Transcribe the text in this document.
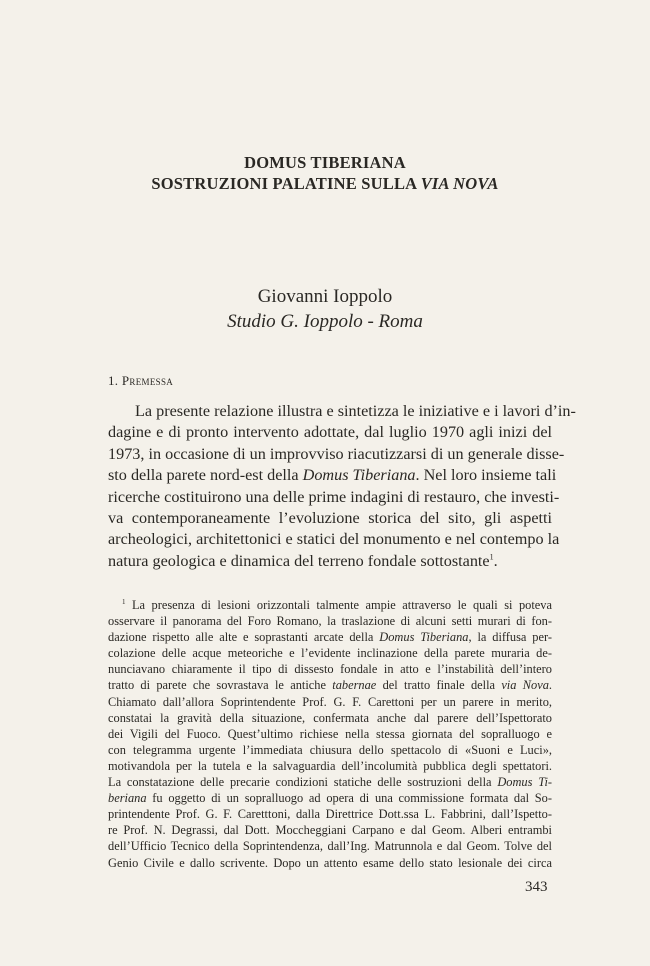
DOMUS TIBERIANA
SOSTRUZIONI PALATINE SULLA VIA NOVA
Giovanni Ioppolo
Studio G. Ioppolo - Roma
1. Premessa
La presente relazione illustra e sintetizza le iniziative e i lavori d’in-
dagine e di pronto intervento adottate, dal luglio 1970 agli inizi del
1973, in occasione di un improvviso riacutizzarsi di un generale disse-
sto della parete nord-est della Domus Tiberiana. Nel loro insieme tali
ricerche costituirono una delle prime indagini di restauro, che investi-
va contemporaneamente l’evoluzione storica del sito, gli aspetti
archeologici, architettonici e statici del monumento e nel contempo la
natura geologica e dinamica del terreno fondale sottostante$^1$.
$^1$ La presenza di lesioni orizzontali talmente ampie attraverso le quali si poteva
osservare il panorama del Foro Romano, la traslazione di alcuni setti murari di fon-
dazione rispetto alle alte e soprastanti arcate della Domus Tiberiana, la diffusa per-
colazione delle acque meteoriche e l’evidente inclinazione della parete muraria de-
nunciavano chiaramente il tipo di dissesto fondale in atto e l’instabilità dell’intero
tratto di parete che sovrastava le antiche tabernae del tratto finale della via Nova.
Chiamato dall’allora Soprintendente Prof. G. F. Carettoni per un parere in merito,
constatai la gravità della situazione, confermata anche dal parere dell’Ispettorato
dei Vigili del Fuoco. Quest’ultimo richiese nella stessa giornata del sopralluogo e
con telegramma urgente l’immediata chiusura dello spettacolo di «Suoni e Luci»,
motivandola per la tutela e la salvaguardia dell’incolumità pubblica degli spettatori.
La constatazione delle precarie condizioni statiche delle sostruzioni della Domus Ti-
beriana fu oggetto di un sopralluogo ad opera di una commissione formata dal So-
printendente Prof. G. F. Caretttoni, dalla Direttrice Dott.ssa L. Fabbrini, dall’Ispetto-
re Prof. N. Degrassi, dal Dott. Moccheggiani Carpano e dal Geom. Alberi entrambi
dell’Ufficio Tecnico della Soprintendenza, dall’Ing. Matrunnola e dal Geom. Tolve del
Genio Civile e dallo scrivente. Dopo un attento esame dello stato lesionale dei circa
343
